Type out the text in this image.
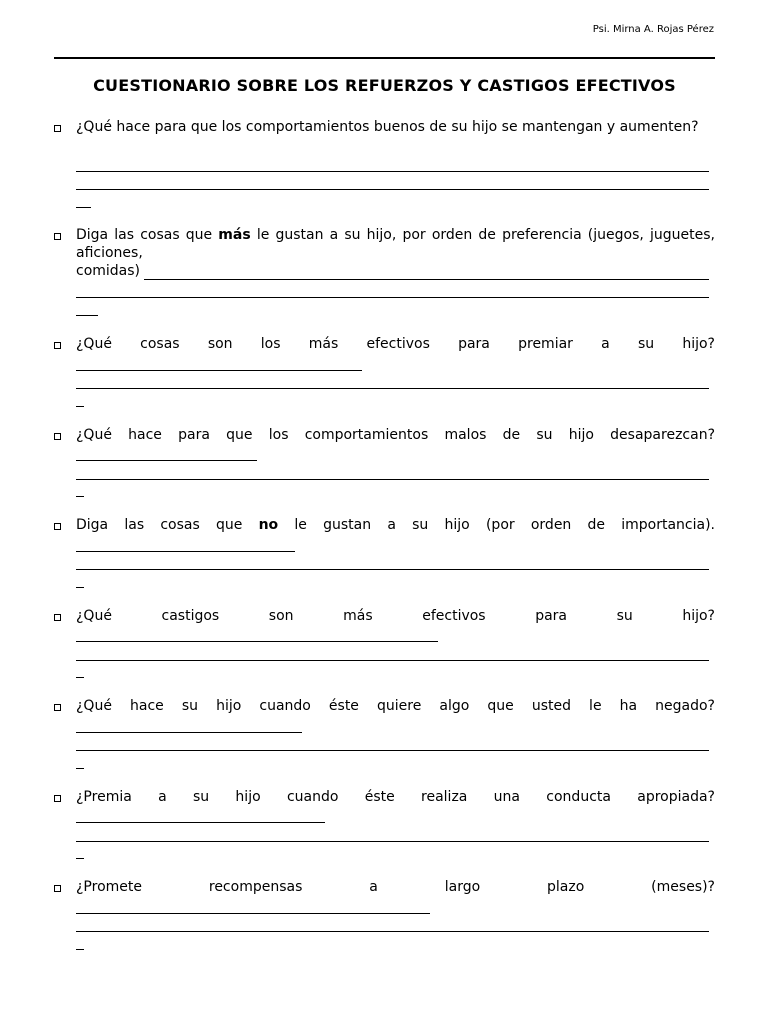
Psi. Mirna A. Rojas Pérez
CUESTIONARIO SOBRE LOS REFUERZOS Y CASTIGOS EFECTIVOS
¿Qué hace para que los comportamientos buenos de su hijo se mantengan y aumenten?
Diga las cosas que más le gustan a su hijo, por orden de preferencia (juegos, juguetes, aficiones,
comidas)
¿Qué cosas son los más efectivos para premiar a su hijo?
¿Qué hace para que los comportamientos malos de su hijo desaparezcan?
Diga las cosas que no le gustan a su hijo (por orden de importancia).
¿Qué castigos son más efectivos para su hijo?
¿Qué hace su hijo cuando éste quiere algo que usted le ha negado?
¿Premia a su hijo cuando éste realiza una conducta apropiada?
¿Promete recompensas a largo plazo (meses)?
